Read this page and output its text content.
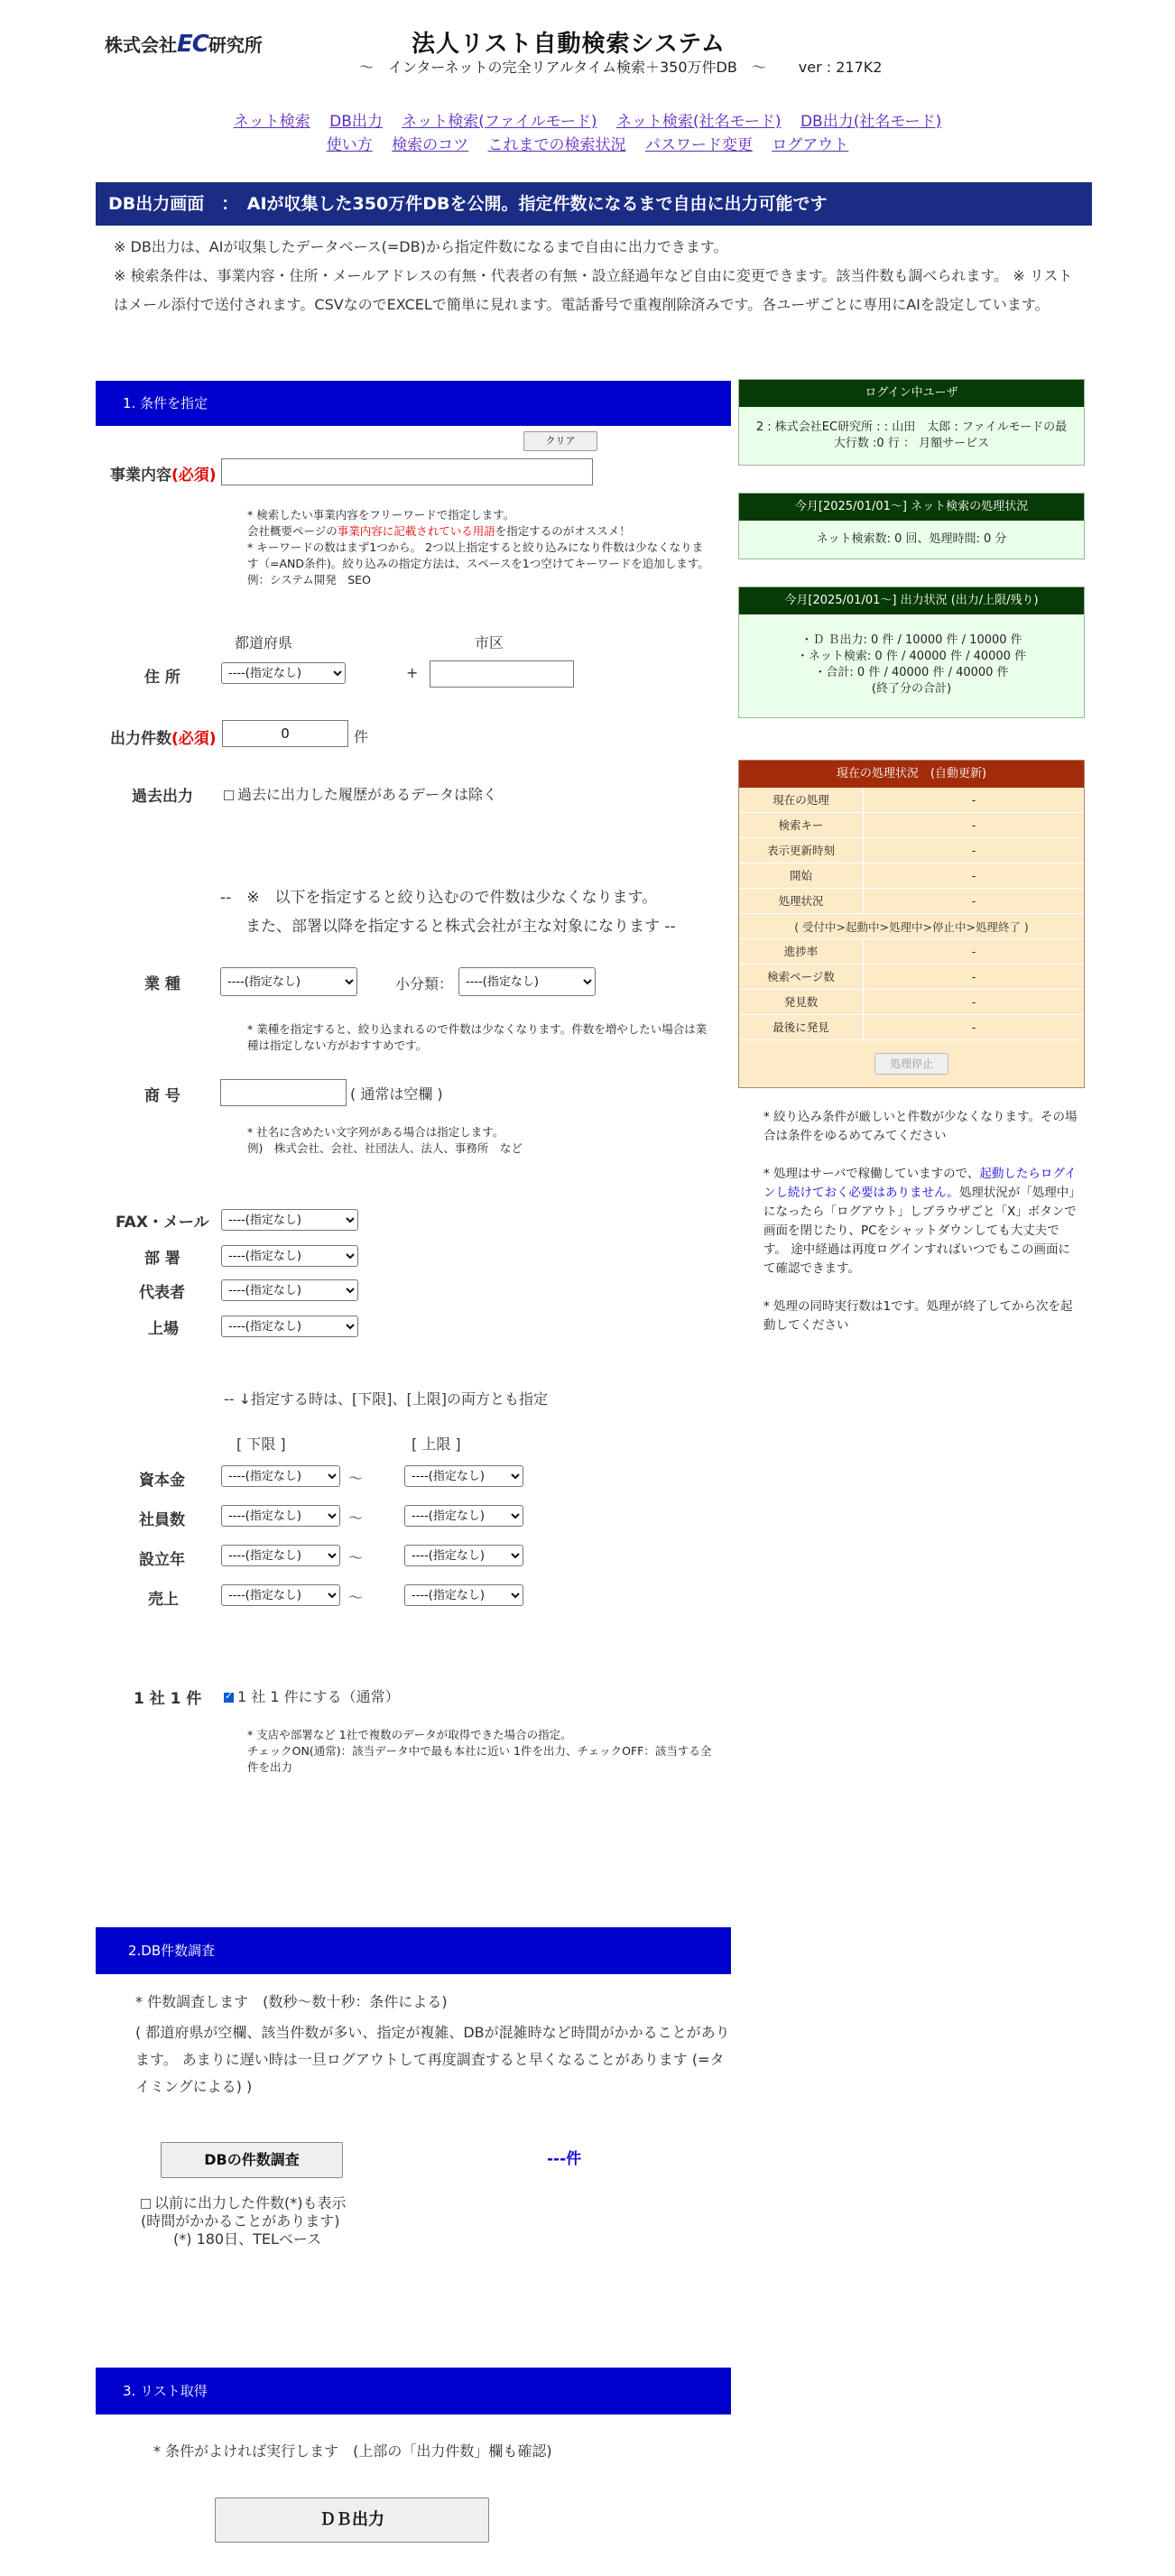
株式会社EC研究所	法人リスト自動検索システム
〜　インターネットの完全リアルタイム検索＋350万件DB　〜 ver : 217K2
ネット検索 DB出力 ネット検索(ファイルモード) ネット検索(社名モード) DB出力(社名モード)
使い方 検索のコツ これまでの検索状況 パスワード変更 ログアウト
DB出力画面　：　AIが収集した350万件DBを公開。指定件数になるまで自由に出力可能です
※ DB出力は、AIが収集したデータベース(=DB)から指定件数になるまで自由に出力できます。
※ 検索条件は、事業内容・住所・メールアドレスの有無・代表者の有無・設立経過年など自由に変更できます。該当件数も調べられます。 ※ リストはメール添付で送付されます。CSVなのでEXCELで簡単に見れます。電話番号で重複削除済みです。各ユーザごとに専用にAIを設定しています。
1. 条件を指定
クリア
事業内容(必須)
* 検索したい事業内容をフリーワードで指定します。
会社概要ページの事業内容に記載されている用語を指定するのがオススメ！
* キーワードの数はまず1つから。 2つ以上指定すると絞り込みになり件数は少なくなります（=AND条件)。絞り込みの指定方法は、スペースを1つ空けてキーワードを追加します。例：システム開発　SEO
都道府県	市区
住 所
----(指定なし)	+
出力件数(必須)
0	件
過去出力	過去に出力した履歴があるデータは除く
--　※　以下を指定すると絞り込むので件数は少なくなります。
また、部署以降を指定すると株式会社が主な対象になります --
業 種
----(指定なし)	小分類：
----(指定なし)
* 業種を指定すると、絞り込まれるので件数は少なくなります。件数を増やしたい場合は業種は指定しない方がおすすめです。
商 号	( 通常は空欄 )
* 社名に含めたい文字列がある場合は指定します。
例)　株式会社、会社、社団法人、法人、事務所　など
FAX・メール
----(指定なし)
部 署
----(指定なし)
代表者
----(指定なし)
上場
----(指定なし)
-- ↓指定する時は、[下限]、[上限]の両方とも指定
[ 下限 ]	[ 上限 ]
資本金
----(指定なし)	〜
----(指定なし)
社員数
----(指定なし)	〜
----(指定なし)
設立年
----(指定なし)	〜
----(指定なし)
売上
----(指定なし)	〜
----(指定なし)
1 社 1 件
✓	1 社 1 件にする（通常）
* 支店や部署など 1社で複数のデータが取得できた場合の指定。
チェックON(通常)：該当データ中で最も本社に近い 1件を出力、チェックOFF：該当する全件を出力
ログイン中ユーザ
2 : 株式会社EC研究所 : : 山田　太郎 : ファイルモードの最大行数 :0 行 ： 月額サービス
今月[2025/01/01〜] ネット検索の処理状況
ネット検索数: 0 回、処理時間: 0 分
今月[2025/01/01〜] 出力状況 (出力/上限/残り)
・Ｄ Ｂ出力: 0 件 / 10000 件 / 10000 件
・ネット検索: 0 件 / 40000 件 / 40000 件
・合計: 0 件 / 40000 件 / 40000 件
(終了分の合計)
現在の処理状況　(自動更新)
現在の処理	-
検索キー	-
表示更新時刻	-
開始	-
処理状況	-
( 受付中>起動中>処理中>停止中>処理終了 )
進捗率	-
検索ページ数	-
発見数	-
最後に発見	-
処理停止
* 絞り込み条件が厳しいと件数が少なくなります。その場合は条件をゆるめてみてください
* 処理はサーバで稼働していますので、起動したらログインし続けておく必要はありません。処理状況が「処理中」になったら「ログアウト」しブラウザごと「X」ボタンで画面を閉じたり、PCをシャットダウンしても大丈夫です。 途中経過は再度ログインすればいつでもこの画面にて確認できます。
* 処理の同時実行数は1です。処理が終了してから次を起動してください
2.DB件数調査
* 件数調査します　(数秒〜数十秒：条件による)
( 都道府県が空欄、該当件数が多い、指定が複雑、DBが混雑時など時間がかかることがあります。 あまりに遅い時は一旦ログアウトして再度調査すると早くなることがあります (=タイミングによる) )
DBの件数調査	---件
以前に出力した件数(*)も表示
(時間がかかることがあります)
(*) 180日、TELベース
3. リスト取得
* 条件がよければ実行します　(上部の「出力件数」欄も確認)
ＤＢ出力
